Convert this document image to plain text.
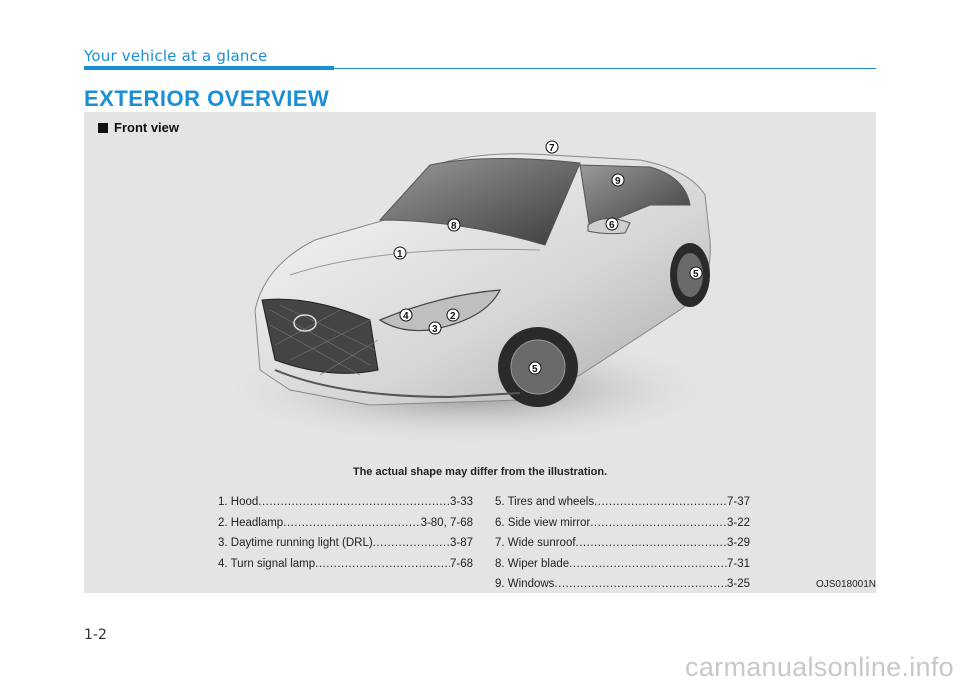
Your vehicle at a glance
EXTERIOR OVERVIEW
Front view
1
2
3
4
5
5
6
7
8
9
The actual shape may differ from the illustration.
1. Hood .....	3-33
2. Headlamp .....	3-80, 7-68
3. Daytime running light (DRL) .....	3-87
4. Turn signal lamp .....	7-68
5. Tires and wheels .....	7-37
6. Side view mirror .....	3-22
7. Wide sunroof .....	3-29
8. Wiper blade .....	7-31
9. Windows .....	3-25	OJS018001N
1-2
carmanualsonline.info
